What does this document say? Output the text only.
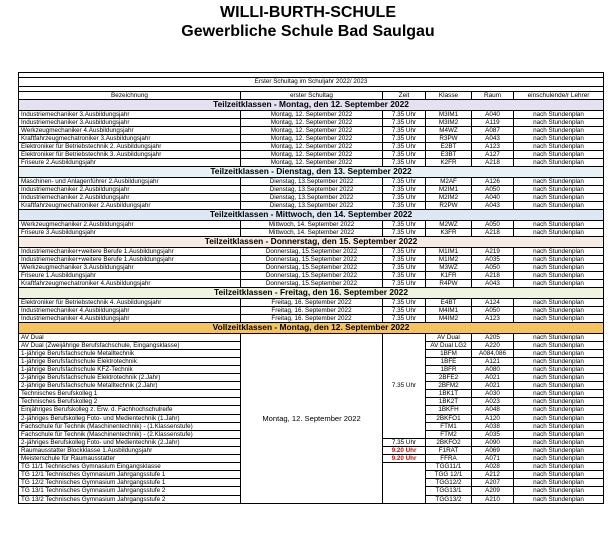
WILLI-BURTH-SCHULE
Gewerbliche Schule Bad Saulgau

Erster Schultag im Schuljahr 2022/ 2023					

Bezeichnung	erster Schultag	Zeit	Klasse	Raum	einschulende/r Lehrer
Teilzeitklassen - Montag, den 12. September 2022					
Industriemechaniker 3.Ausbildungsjahr	Montag, 12. September 2022	7.35 Uhr	M3IM1	A040	nach Stundenplan
Industriemechaniker 3.Ausbildungsjahr	Montag, 12. September 2022	7.35 Uhr	M3IM2	A119	nach Stundenplan
Werkzeugmechaniker 4.Ausbildungsjahr	Montag, 12. September 2022	7.35 Uhr	M4WZ	A087	nach Stundenplan
Kraftfahrzeugmechatroniker 3.Ausbildungsjahr	Montag, 12. September 2022	7.35 Uhr	R3PW	A043	nach Stundenplan
Elektroniker für Betriebstechnik 2. Ausbildungsjahr	Montag, 12. September 2022	7.35 Uhr	E2BT	A123	nach Stundenplan
Elektroniker für Betriebstechnik 3. Ausbildungsjahr	Montag, 12. September 2022	7.35 Uhr	E3BT	A127	nach Stundenplan
Friseure 2.Ausbildungsjahr	Montag, 12. September 2022	7.35 Uhr	K2FR	A218	nach Stundenplan
Teilzeitklassen - Dienstag, den 13. September 2022					
Maschinen- und Anlagenführer 2.Ausbildungsjahr	Dienstag, 13.September 2022	7.35 Uhr	M2AF	A126	nach Stundenplan
Industriemechaniker 2.Ausbildungsjahr	Dienstag, 13.September 2022	7.35 Uhr	M2IM1	A050	nach Stundenplan
Industriemechaniker 2.Ausbildungsjahr	Dienstag, 13.September 2022	7.35 Uhr	M2IM2	A040	nach Stundenplan
Kraftfahrzeugmechatroniker 2.Ausbildungsjahr	Dienstag, 13.September 2022	7.35 Uhr	R2PW	A043	nach Stundenplan
Teilzeitklassen - Mittwoch, den 14. September 2022					
Werkzeugmechaniker 2.Ausbildungsjahr	Mittwoch, 14. September 2022	7.35 Uhr	M2WZ	A050	nach Stundenplan
Friseure 3.Ausbildungsjahr	Mittwoch, 14. September 2022	7.35 Uhr	K3FR	A218	nach Stundenplan
Teilzeitklassen - Donnerstag, den 15. September 2022					
Industriemechaniker+weitere Berufe 1.Ausbildungsjahr	Donnerstag, 15.September 2022	7.35 Uhr	M1IM1	A219	nach Stundenplan
Industriemechaniker+weitere Berufe 1.Ausbildungsjahr	Donnerstag, 15.September 2022	7.35 Uhr	M1IM2	A035	nach Stundenplan
Werkzeugmechaniker 3.Ausbildungsjahr	Donnerstag, 15.September 2022	7.35 Uhr	M3WZ	A050	nach Stundenplan
Friseure 1.Ausbildungsjahr	Donnerstag, 15.September 2022	7.35 Uhr	K1FR	A218	nach Stundenplan
Kraftfahrzeugmechatroniker 4.Ausbildungsjahr	Donnerstag, 15.September 2022	7.35 Uhr	R4PW	A043	nach Stundenplan
Teilzeitklassen - Freitag, den 16. September 2022					
Elektroniker für Betriebstechnik 4. Ausbildungsjahr	Freitag, 16. September 2022	7.35 Uhr	E4BT	A124	nach Stundenplan
Industriemechaniker 4.Ausbildungsjahr	Freitag, 16. September 2022	7.35 Uhr	M4IM1	A050	nach Stundenplan
Industriemechaniker 4.Ausbildungsjahr	Freitag, 16. September 2022	7.35 Uhr	M4IM2	A123	nach Stundenplan
Vollzeitklassen - Montag, den 12. September 2022					
AV Dual	Montag, 12. September 2022	7.35 Uhr	AV Dual	A205	nach Stundenplan
AV Dual (Zweijährige Berufsfachschule, Eingangsklasse)			AV Dual LG2	A220	nach Stundenplan
1-jährige Berufsfachschule Metalltechnik			1BFM	A084,086	nach Stundenplan
1-jährige Berufsfachschule Elektrotechnik			1BFE	A121	nach Stundenplan
1-jährige Berufsfachschule KFZ-Technik			1BFR	A080	nach Stundenplan
2-jährige Berufsfachschule Elektrotechnik (2.Jahr)			2BFE2	A021	nach Stundenplan
2-jährige Berufsfachschule Metalltechnik (2.Jahr)			2BFM2	A021	nach Stundenplan
Technisches Berufskolleg 1			1BK1T	A030	nach Stundenplan
Technisches Berufskolleg 2			1BK2T	A023	nach Stundenplan
Einjähriges Berufskolleg z. Erw. d. Fachhochschulreife			1BKFH	A048	nach Stundenplan
2-jähriges Berufskolleg Foto- und Medientechnik (1.Jahr)			2BKFO1	A120	nach Stundenplan
Fachschule für Technik (Maschinentechnik) - (1.Klassenstufe)			FTM1	A038	nach Stundenplan
Fachschule für Technik (Maschinentechnik) - (2.Klassenstufe)			FTM2	A035	nach Stundenplan
2-jähriges Berufskolleg Foto- und Medientechnik (2.Jahr)		7.35 Uhr	2BKFO2	A090	nach Stundenplan
Raumausstatter Blockklasse 1.Ausbildungsjahr		9.20 Uhr	F1RAT	A069	nach Stundenplan
Meisterschule für Raumausstatter		9.20 Uhr	FFRA	A071	nach Stundenplan
TG 11/1 Technisches Gymnasium Eingangsklasse			TGG11/1	A028	nach Stundenplan
TG 12/1 Technisches Gymnasium Jahrgangsstufe 1			TGG 12/1	A212	nach Stundenplan
TG 12/2 Technisches Gymnasium Jahrgangsstufe 1			TGG12/2	A207	nach Stundenplan
TG 13/1 Technisches Gymnasium Jahrgangsstufe 2			TGG13/1	A209	nach Stundenplan
TG 13/2 Technisches Gymnasium Jahrgangsstufe 2			TGG13/2	A210	nach Stundenplan
